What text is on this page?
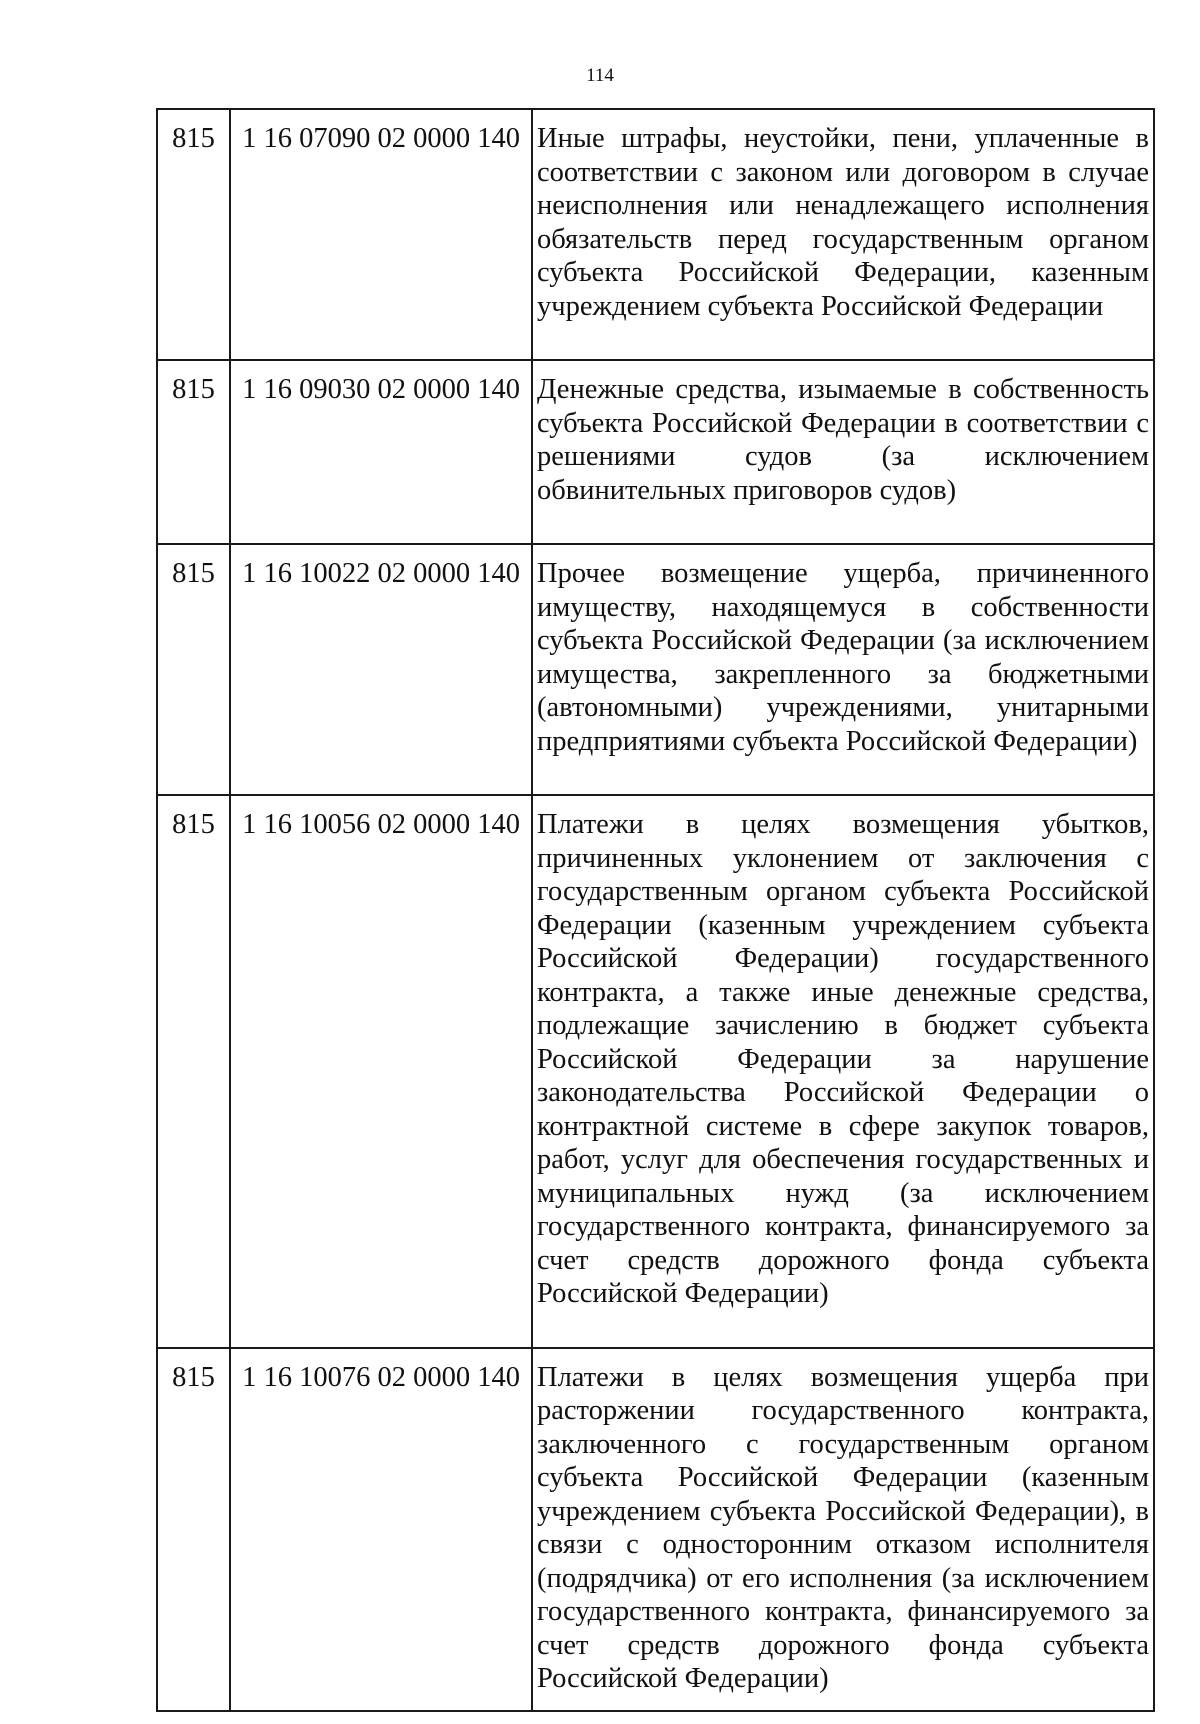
114
815	1 16 07090 02 0000 140	Иные штрафы, неустойки, пени, уплаченные в соответствии с законом или договором в случае неисполнения или ненадлежащего исполнения обязательств перед государственным органом субъекта Российской Федерации, казенным учреждением субъекта Российской Федерации
815	1 16 09030 02 0000 140	Денежные средства, изымаемые в собственность субъекта Российской Федерации в соответствии с решениями судов (за исключением обвинительных приговоров судов)
815	1 16 10022 02 0000 140	Прочее возмещение ущерба, причиненного имуществу, находящемуся в собственности субъекта Российской Федерации (за исключением имущества, закрепленного за бюджетными (автономными) учреждениями, унитарными предприятиями субъекта Российской Федерации)
815	1 16 10056 02 0000 140	Платежи в целях возмещения убытков, причиненных уклонением от заключения с государственным органом субъекта Российской Федерации (казенным учреждением субъекта Российской Федерации) государственного контракта, а также иные денежные средства, подлежащие зачислению в бюджет субъекта Российской Федерации за нарушение законодательства Российской Федерации о контрактной системе в сфере закупок товаров, работ, услуг для обеспечения государственных и муниципальных нужд (за исключением государственного контракта, финансируемого за счет средств дорожного фонда субъекта Российской Федерации)
815	1 16 10076 02 0000 140	Платежи в целях возмещения ущерба при расторжении государственного контракта, заключенного с государственным органом субъекта Российской Федерации (казенным учреждением субъекта Российской Федерации), в связи с односторонним отказом исполнителя (подрядчика) от его исполнения (за исключением государственного контракта, финансируемого за счет средств дорожного фонда субъекта Российской Федерации)
